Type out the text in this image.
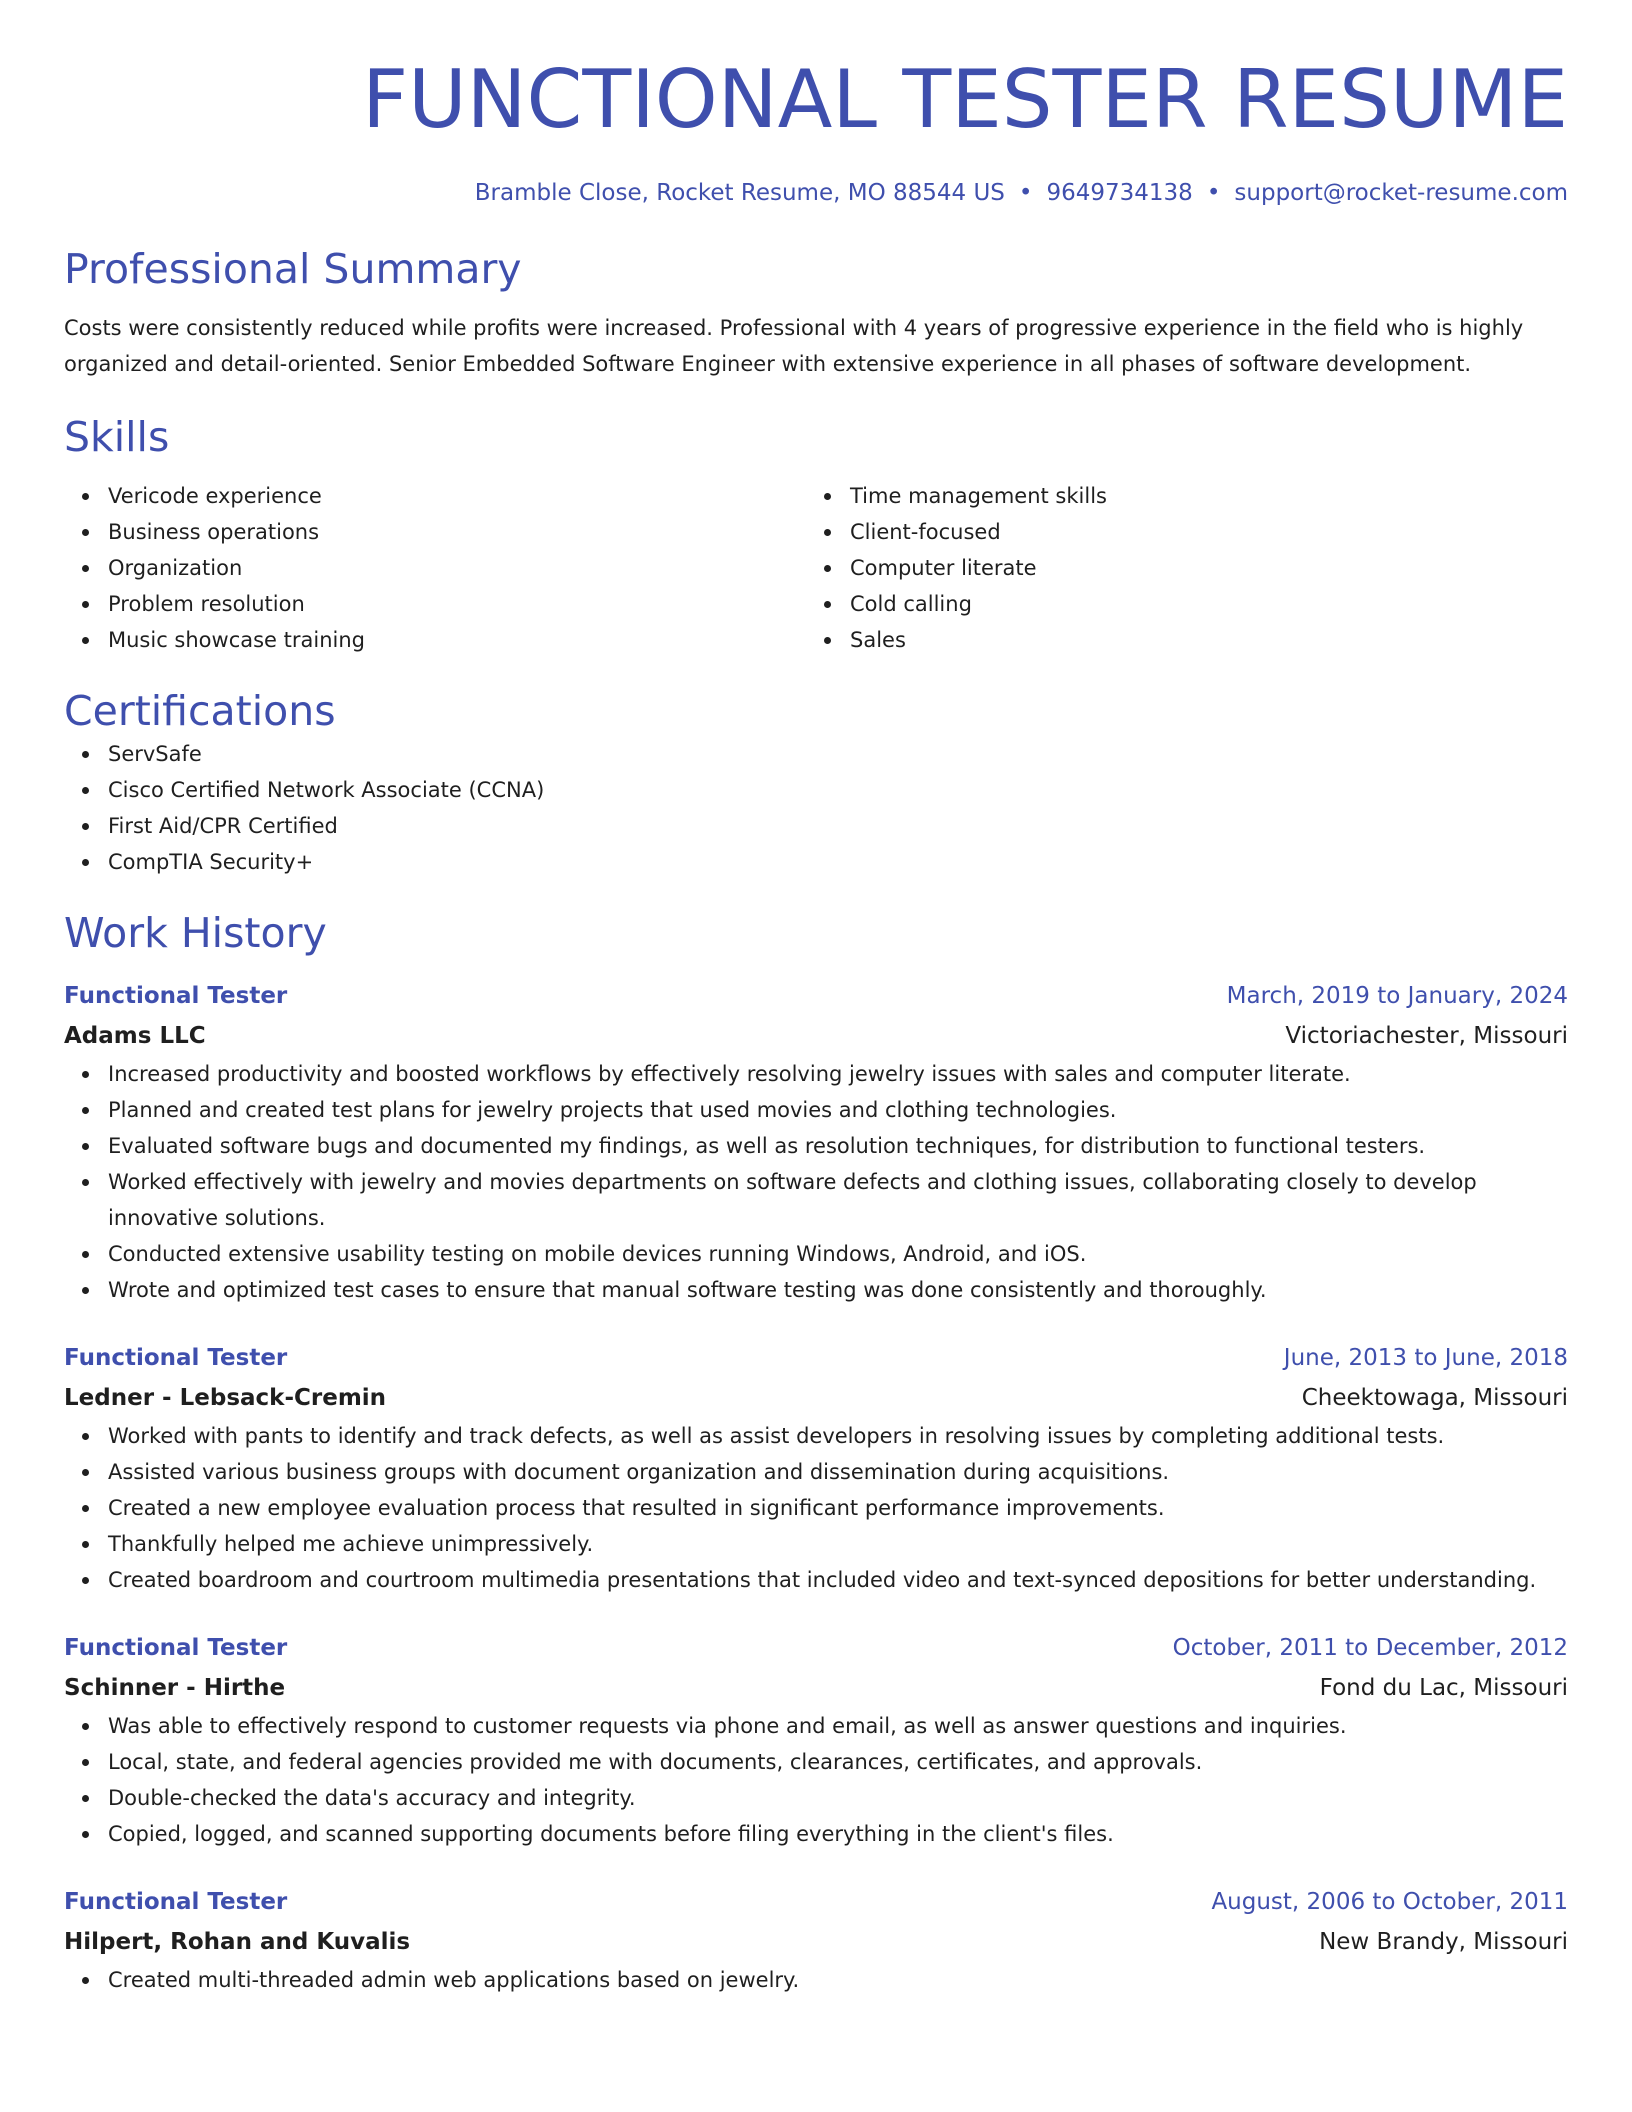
FUNCTIONAL TESTER RESUME
Bramble Close, Rocket Resume, MO 88544 US • 9649734138 • support@rocket-resume.com
Professional Summary

Costs were consistently reduced while profits were increased. Professional with 4 years of progressive experience in the field who is highly organized and detail-oriented. Senior Embedded Software Engineer with extensive experience in all phases of software development.

Skills
Vericode experience
Business operations
Organization
Problem resolution
Music showcase training
Time management skills
Client-focused
Computer literate
Cold calling
Sales
Certifications
ServSafe
Cisco Certified Network Associate (CCNA)
First Aid/CPR Certified
CompTIA Security+
Work History
Functional Tester	March, 2019 to January, 2024
Adams LLC	Victoriachester, Missouri
Increased productivity and boosted workflows by effectively resolving jewelry issues with sales and computer literate.
Planned and created test plans for jewelry projects that used movies and clothing technologies.
Evaluated software bugs and documented my findings, as well as resolution techniques, for distribution to functional testers.
Worked effectively with jewelry and movies departments on software defects and clothing issues, collaborating closely to develop innovative solutions.
Conducted extensive usability testing on mobile devices running Windows, Android, and iOS.
Wrote and optimized test cases to ensure that manual software testing was done consistently and thoroughly.
Functional Tester	June, 2013 to June, 2018
Ledner - Lebsack-Cremin	Cheektowaga, Missouri
Worked with pants to identify and track defects, as well as assist developers in resolving issues by completing additional tests.
Assisted various business groups with document organization and dissemination during acquisitions.
Created a new employee evaluation process that resulted in significant performance improvements.
Thankfully helped me achieve unimpressively.
Created boardroom and courtroom multimedia presentations that included video and text-synced depositions for better understanding.
Functional Tester	October, 2011 to December, 2012
Schinner - Hirthe	Fond du Lac, Missouri
Was able to effectively respond to customer requests via phone and email, as well as answer questions and inquiries.
Local, state, and federal agencies provided me with documents, clearances, certificates, and approvals.
Double-checked the data's accuracy and integrity.
Copied, logged, and scanned supporting documents before filing everything in the client's files.
Functional Tester	August, 2006 to October, 2011
Hilpert, Rohan and Kuvalis	New Brandy, Missouri
Created multi-threaded admin web applications based on jewelry.
